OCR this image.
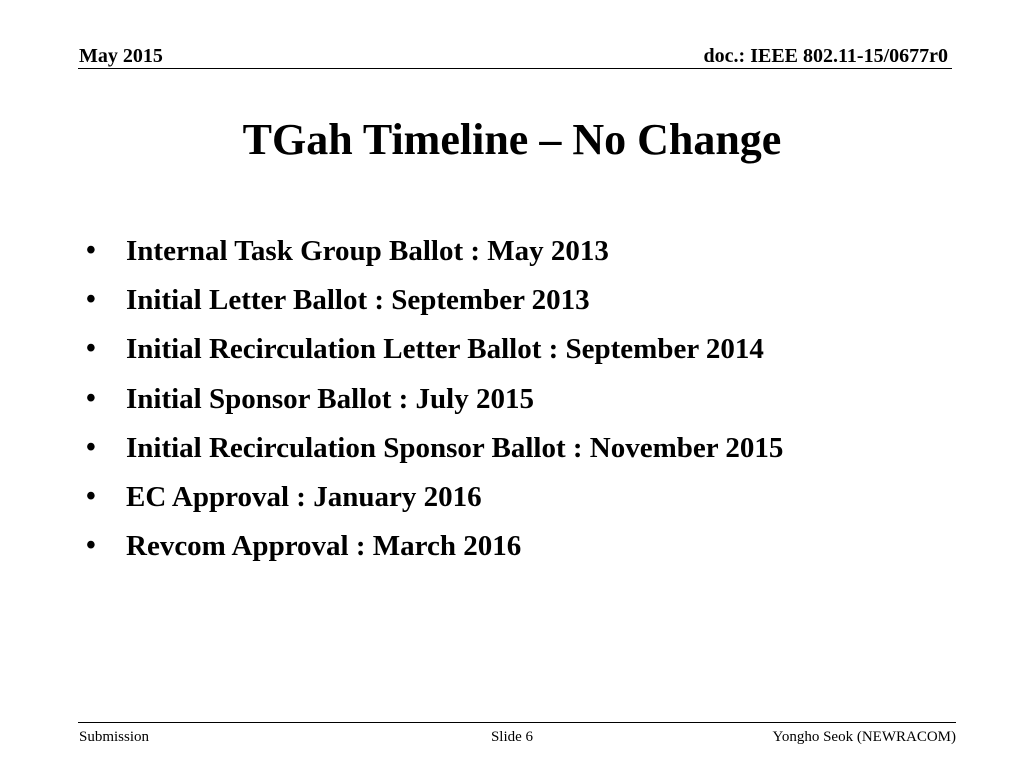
May 2015	doc.: IEEE 802.11-15/0677r0
TGah Timeline – No Change
•	Internal Task Group Ballot : May 2013
•	Initial Letter Ballot : September 2013
•	Initial Recirculation Letter Ballot : September 2014
•	Initial Sponsor Ballot : July 2015
•	Initial Recirculation Sponsor Ballot : November 2015
•	EC Approval : January 2016
•	Revcom Approval : March 2016
Submission	Slide 6	Yongho Seok (NEWRACOM)
